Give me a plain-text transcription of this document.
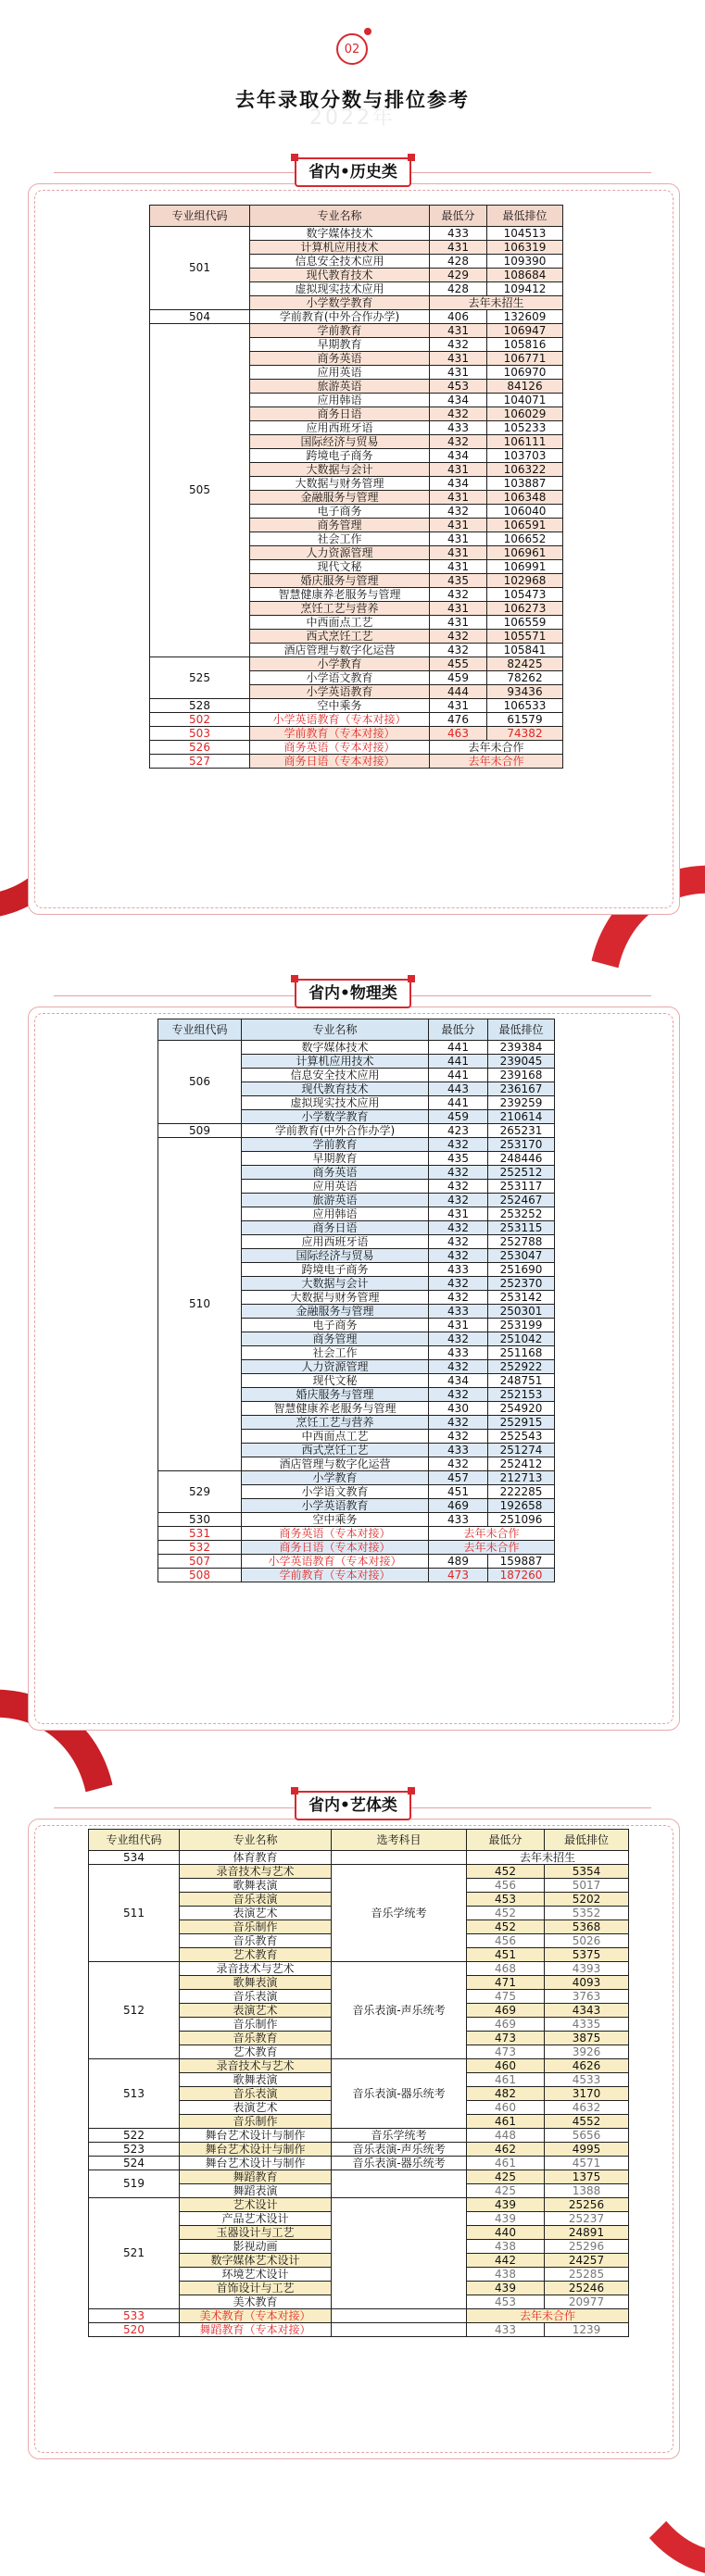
02
2022年
去年录取分数与排位参考
省内•历史类
专业组代码	专业名称	最低分	最低排位
501	数字媒体技术	433	104513
	计算机应用技术	431	106319
	信息安全技术应用	428	109390
	现代教育技术	429	108684
	虚拟现实技术应用	428	109412
	小学数学教育	去年未招生	
504	学前教育(中外合作办学)	406	132609
505	学前教育	431	106947
	早期教育	432	105816
	商务英语	431	106771
	应用英语	431	106970
	旅游英语	453	84126
	应用韩语	434	104071
	商务日语	432	106029
	应用西班牙语	433	105233
	国际经济与贸易	432	106111
	跨境电子商务	434	103703
	大数据与会计	431	106322
	大数据与财务管理	434	103887
	金融服务与管理	431	106348
	电子商务	432	106040
	商务管理	431	106591
	社会工作	431	106652
	人力资源管理	431	106961
	现代文秘	431	106991
	婚庆服务与管理	435	102968
	智慧健康养老服务与管理	432	105473
	烹饪工艺与营养	431	106273
	中西面点工艺	431	106559
	西式烹饪工艺	432	105571
	酒店管理与数字化运营	432	105841
525	小学教育	455	82425
	小学语文教育	459	78262
	小学英语教育	444	93436
528	空中乘务	431	106533
502	小学英语教育（专本对接）	476	61579
503	学前教育（专本对接）	463	74382
526	商务英语（专本对接）	去年未合作	
527	商务日语（专本对接）	去年未合作	
省内•物理类
专业组代码	专业名称	最低分	最低排位
506	数字媒体技术	441	239384
	计算机应用技术	441	239045
	信息安全技术应用	441	239168
	现代教育技术	443	236167
	虚拟现实技术应用	441	239259
	小学数学教育	459	210614
509	学前教育(中外合作办学)	423	265231
510	学前教育	432	253170
	早期教育	435	248446
	商务英语	432	252512
	应用英语	432	253117
	旅游英语	432	252467
	应用韩语	431	253252
	商务日语	432	253115
	应用西班牙语	432	252788
	国际经济与贸易	432	253047
	跨境电子商务	433	251690
	大数据与会计	432	252370
	大数据与财务管理	432	253142
	金融服务与管理	433	250301
	电子商务	431	253199
	商务管理	432	251042
	社会工作	433	251168
	人力资源管理	432	252922
	现代文秘	434	248751
	婚庆服务与管理	432	252153
	智慧健康养老服务与管理	430	254920
	烹饪工艺与营养	432	252915
	中西面点工艺	432	252543
	西式烹饪工艺	433	251274
	酒店管理与数字化运营	432	252412
529	小学教育	457	212713
	小学语文教育	451	222285
	小学英语教育	469	192658
530	空中乘务	433	251096
531	商务英语（专本对接）	去年未合作	
532	商务日语（专本对接）	去年未合作	
507	小学英语教育（专本对接）	489	159887
508	学前教育（专本对接）	473	187260
省内•艺体类
专业组代码	专业名称	选考科目	最低分	最低排位
534	体育教育		去年未招生	
511	录音技术与艺术	音乐学统考	452	5354
	歌舞表演		456	5017
	音乐表演		453	5202
	表演艺术		452	5352
	音乐制作		452	5368
	音乐教育		456	5026
	艺术教育		451	5375
512	录音技术与艺术	音乐表演-声乐统考	468	4393
	歌舞表演		471	4093
	音乐表演		475	3763
	表演艺术		469	4343
	音乐制作		469	4335
	音乐教育		473	3875
	艺术教育		473	3926
513	录音技术与艺术	音乐表演-器乐统考	460	4626
	歌舞表演		461	4533
	音乐表演		482	3170
	表演艺术		460	4632
	音乐制作		461	4552
522	舞台艺术设计与制作	音乐学统考	448	5656
523	舞台艺术设计与制作	音乐表演-声乐统考	462	4995
524	舞台艺术设计与制作	音乐表演-器乐统考	461	4571
519	舞蹈教育		425	1375
	舞蹈表演		425	1388
521	艺术设计		439	25256
	产品艺术设计		439	25237
	玉器设计与工艺		440	24891
	影视动画		438	25296
	数字媒体艺术设计		442	24257
	环境艺术设计		438	25285
	首饰设计与工艺		439	25246
	美术教育		453	20977
533	美术教育（专本对接）		去年未合作	
520	舞蹈教育（专本对接）		433	1239
